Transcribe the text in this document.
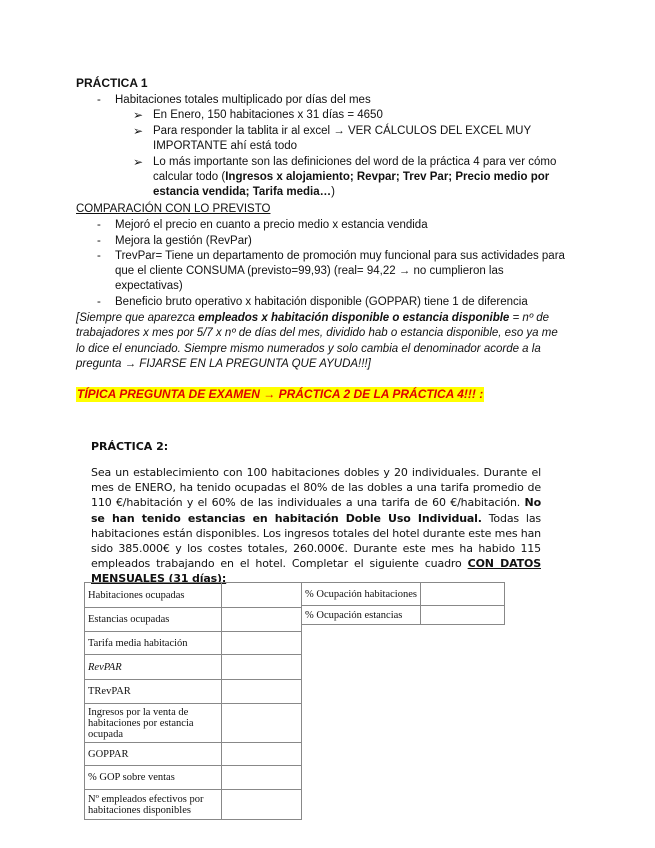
PRÁCTICA 1
- Habitaciones totales multiplicado por días del mes
➢ En Enero, 150 habitaciones x 31 días = 4650
➢ Para responder la tablita ir al excel → VER CÁLCULOS DEL EXCEL MUY
IMPORTANTE ahí está todo
➢ Lo más importante son las definiciones del word de la práctica 4 para ver cómo
calcular todo (Ingresos x alojamiento; Revpar; Trev Par; Precio medio por
estancia vendida; Tarifa media…)
COMPARACIÓN CON LO PREVISTO
- Mejoró el precio en cuanto a precio medio x estancia vendida
- Mejora la gestión (RevPar)
- TrevPar= Tiene un departamento de promoción muy funcional para sus actividades para
que el cliente CONSUMA (previsto=99,93) (real= 94,22 → no cumplieron las
expectativas)
- Beneficio bruto operativo x habitación disponible (GOPPAR) tiene 1 de diferencia
[Siempre que aparezca empleados x habitación disponible o estancia disponible = nº de
trabajadores x mes por 5/7 x nº de días del mes, dividido hab o estancia disponible, eso ya me
lo dice el enunciado. Siempre mismo numerados y solo cambia el denominador acorde a la
pregunta → FIJARSE EN LA PREGUNTA QUE AYUDA!!!]
TÍPICA PREGUNTA DE EXAMEN → PRÁCTICA 2 DE LA PRÁCTICA 4!!! :
PRÁCTICA 2:
Sea un establecimiento con 100 habitaciones dobles y 20 individuales. Durante el mes de ENERO, ha tenido ocupadas el 80% de las dobles a una tarifa promedio de 110 €/habitación y el 60% de las individuales a una tarifa de 60 €/habitación. No se han tenido estancias en habitación Doble Uso Individual. Todas las habitaciones están disponibles. Los ingresos totales del hotel durante este mes han sido 385.000€ y los costes totales, 260.000€. Durante este mes ha habido 115 empleados trabajando en el hotel. Completar el siguiente cuadro CON DATOS MENSUALES (31 días):
Habitaciones ocupadas	
Estancias ocupadas	
Tarifa media habitación	
RevPAR	
TRevPAR	
Ingresos por la venta de habitaciones por estancia ocupada	
GOPPAR	
% GOP sobre ventas	
Nº empleados efectivos por habitaciones disponibles	
% Ocupación habitaciones	
% Ocupación estancias	
